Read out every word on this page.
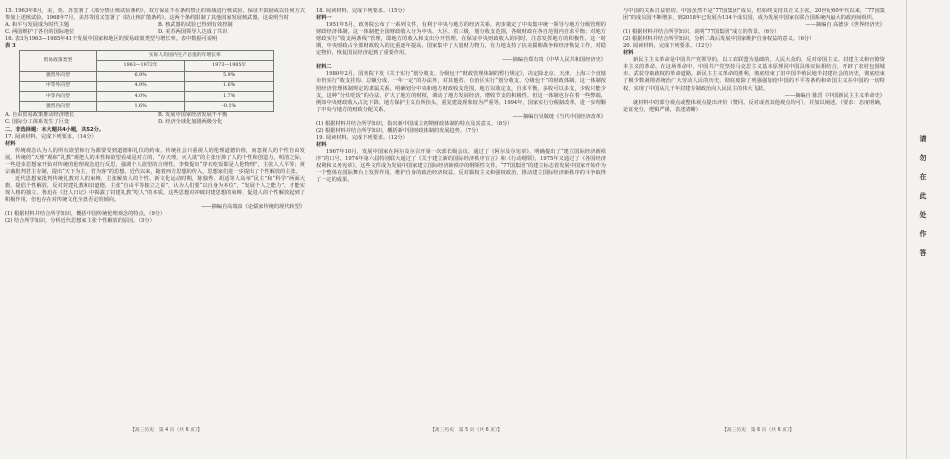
15. 1963年8月，美、英、苏签署了《部分禁止核试验条约》，双方保证不在条约禁止的领域进行核试验，保证不鼓励或以任何方式参加上述核试验。1968年7月，美苏等国又签署了《防止核扩散条约》。这两个条约限制了其他国家发展核武器，这说明当时

A. 和平与发展成为时代主题	B. 核武器的试验已得到有效控制
C. 两国维护了各自的国际地位	D. 美苏两国领导人达成了共识

16. 表3为1963—1985年41个发展中国家和地区的贸易政策类型与增长率。表中数据可说明

表 3

贸易政策类型	实际人均国内生产总值的年增长率	
	1963—1972年	1973—1985年
强烈外向型	6.9%	5.9%
中等外向型	4.9%	1.6%
中等内向型	4.0%	1.7%
强烈内向型	1.6%	-0.1%
A. 自由贸易政策推动经济增长	B. 发展中国家经济发展不平衡
C. 国际分工体系发生了巨变	D. 经济全球化加剧两极分化

二、非选择题：本大题共4小题，共52分。

17. 阅读材料，完成下列要求。（14分）

材料

传统观念认为人的所有欲望和行为都要受到道德和礼仪的约束，传统社会只重视人的伦理道德价值，而忽视人的个性自由发展。传统的“天理”观和“礼教”观把人的本性和欲望看成是对立的，“存天理，灭人欲”的主张压抑了人的个性和创造力。明清之际，一些进步思想家开始对传统的伦理观念进行反思，强调个人欲望的合理性。李贽提出“穿衣吃饭即是人伦物理”，主张人人平等；黄宗羲批判君主专制，提出“天下为主，君为客”的思想。近代以来，随着西方思想的传入，思想家们进一步提出了个性解放的主张。

近代思想家批判传统礼教对人的束缚，主张解放人的个性。新文化运动时期，陈独秀、胡适等人高举“民主”和“科学”两面大旗，提倡个性解放，反对封建礼教和旧道德，主张“自由平等独立之说”，认为人们要“以自身为本位”，“发展个人之能力”，才能实现人格的独立。鲁迅在《狂人日记》中揭露了封建礼教“吃人”的本质。这些思想对冲破封建思想的束缚、促进人的个性解放起到了积极作用，但也存在对传统文化全盘否定的倾向。

——摘编自高瑞泉《论儒家传统的现代转型》

(1) 根据材料并结合所学知识，概括中国传统伦理观念的特点。（9分）

(2) 结合所学知识，分析近代思想家主张个性解放的原因。（5分）

【高三历史　第 4 页（共 6 页）】

18. 阅读材料，完成下列要求。（15分）

材料一

1951年5月，政务院公布了一系列文件，有利于中央与地方的经济关系，初步奠定了中央集中统一领导与地方分级管理的财政经济体制。这一体制把全国财政收入分为中央、大区、省三级，划分收支范围，各级财政在各自范围内自求平衡；对地方财政实行“收支两条线”管理，即地方的收入和支出分开管理。在保证中央财政收入的同时，注意发挥地方的积极性。这一时期，中央财政占全部财政收入的比重逐年提高，国家集中了大量财力物力，有力地支持了抗美援朝战争和经济恢复工作，对稳定物价、恢复国民经济起到了重要作用。

——摘编自郑有贵《中华人民共和国经济史》

材料二

1980年2月，国务院下发《关于实行“划分收支、分级包干”财政管理体制的暂行规定》，决定除北京、天津、上海三个直辖市仍实行“收支挂钩、总额分成、一年一定”的办法外，对其他省、自治区实行“划分收支、分级包干”的财政体制。这一体制按照经济管理体制规定的隶属关系，明确划分中央和地方财政收支范围，地方以收定支，自求平衡，多收可以多支，少收只能少支。这种“分灶吃饭”的办法，扩大了地方的财权，调动了地方发展经济、增收节支的积极性。但这一体制也存在着一些弊端，例如中央财政收入占比下降，地方保护主义有所抬头，重复建设现象较为严重等。1994年，国家实行分税制改革，进一步理顺了中央与地方的财政分配关系。

——摘编自吴敬琏《当代中国经济改革》

(1) 根据材料并结合所学知识，指出新中国成立初期财政体制的特点及其意义。（8分）

(2) 根据材料并结合所学知识，概括新中国财政体制的发展趋势。（7分）

19. 阅读材料，完成下列要求。（12分）

材料

1967年10月，发展中国家在阿尔及尔召开第一次部长级会议，通过了《阿尔及尔宪章》，明确提出了“建立国际经济新秩序”的口号。1974年第六届特别联大通过了《关于建立新的国际经济秩序宣言》和《行动纲领》，1975年又通过了《各国经济权利和义务宪章》。这些文件成为发展中国家建立国际经济新秩序的纲领性文件。“77国集团”的建立标志着发展中国家开始作为一个整体在国际舞台上发挥作用，维护自身的政治经济权益，反对霸权主义和强权政治，推动建立国际经济新秩序的斗争取得了一定的成果。

【高三历史　第 5 页（共 6 页）】

与中国的关系日益密切。中国虽然不是“77国集团”成员，但始终支持其正义主张。20世纪60年代以来，“77国集团”的成员国不断增多，到2018年已发展为134个成员国，成为发展中国家在联合国系统内最大的政府间组织。

——摘编自 高德步《世界经济史》

(1) 根据材料并结合所学知识，说明“77国集团”成立的背景。（6分）

(2) 根据材料并结合所学知识，分析二战后发展中国家维护自身权益的意义。（6分）

20. 阅读材料，完成下列要求。（12分）

材料

新民主主义革命是中国共产党领导的，以工农联盟为基础的，人民大众的，反对帝国主义、封建主义和官僚资本主义的革命。在这场革命中，中国共产党坚持马克思主义基本原理同中国具体实际相结合，开辟了农村包围城市、武装夺取政权的革命道路。新民主主义革命的胜利，彻底结束了旧中国半殖民地半封建社会的历史，彻底结束了极少数剥削者统治广大劳动人民的历史，彻底废除了列强强加给中国的不平等条约和帝国主义在中国的一切特权，实现了中国从几千年封建专制政治向人民民主的伟大飞跃。

——摘编自 陈晋《中国新民主主义革命史》

就材料中的部分观点或整体观点提出评价（赞同、反对或者其他观点均可），并加以阐述。（要求：态度明确，论证充分，逻辑严谨，表述清晰）

【高三历史　第 6 页（共 6 页）】
请
勿
在
此
处
作
答
